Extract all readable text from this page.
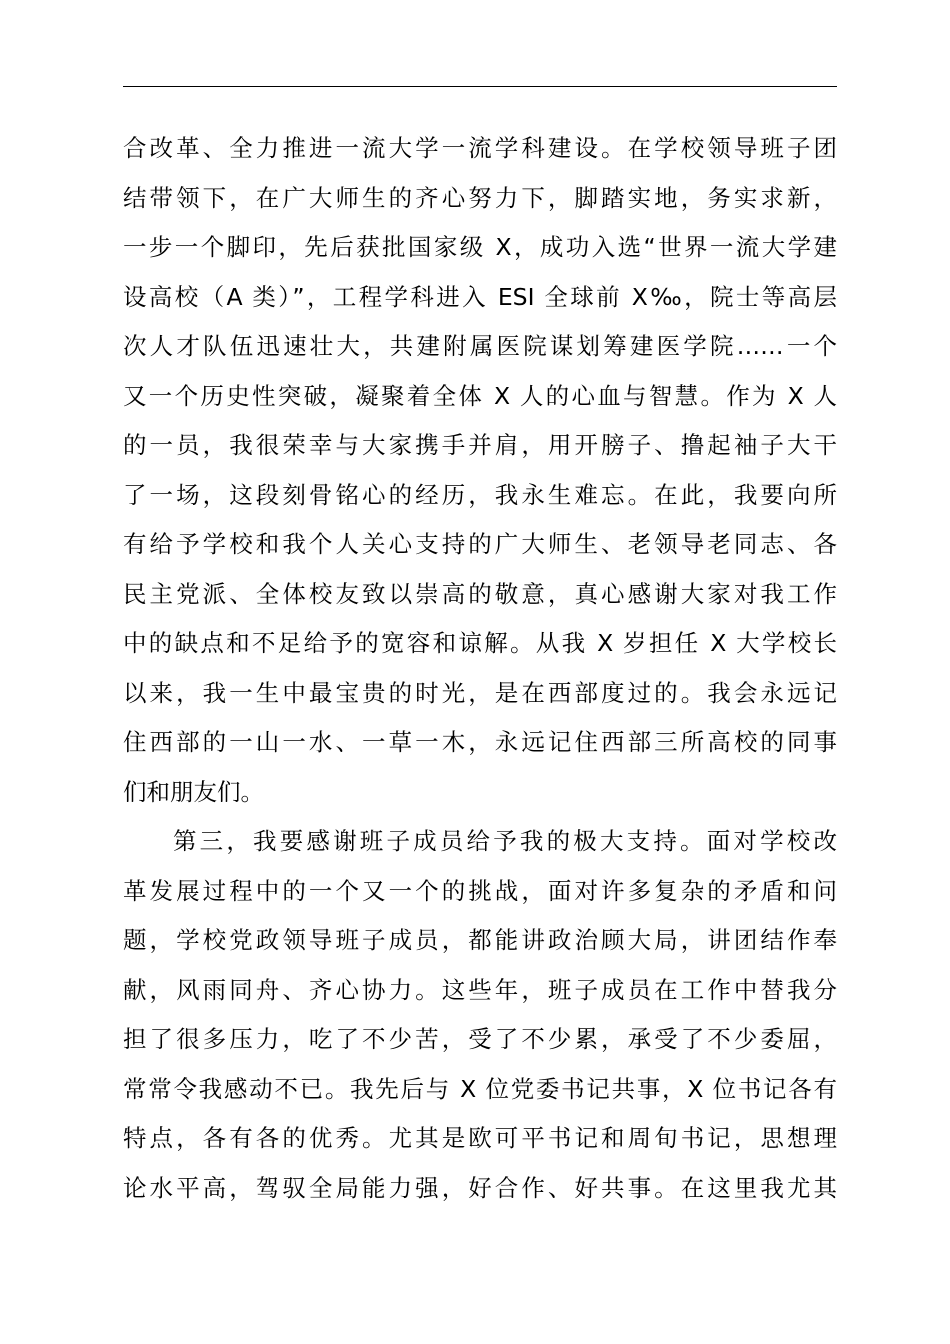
合改革、全力推进一流大学一流学科建设。在学校领导班子团
结带领下，在广大师生的齐心努力下，脚踏实地，务实求新，
一步一个脚印，先后获批国家级 X，成功入选“世界一流大学建
设高校（A 类）”，工程学科进入 ESI 全球前 X‰，院士等高层
次人才队伍迅速壮大，共建附属医院谋划筹建医学院……一个
又一个历史性突破，凝聚着全体 X 人的心血与智慧。作为 X 人
的一员，我很荣幸与大家携手并肩，用开膀子、撸起袖子大干
了一场，这段刻骨铭心的经历，我永生难忘。在此，我要向所
有给予学校和我个人关心支持的广大师生、老领导老同志、各
民主党派、全体校友致以崇高的敬意，真心感谢大家对我工作
中的缺点和不足给予的宽容和谅解。从我 X 岁担任 X 大学校长
以来，我一生中最宝贵的时光，是在西部度过的。我会永远记
住西部的一山一水、一草一木，永远记住西部三所高校的同事
们和朋友们。
第三，我要感谢班子成员给予我的极大支持。面对学校改
革发展过程中的一个又一个的挑战，面对许多复杂的矛盾和问
题，学校党政领导班子成员，都能讲政治顾大局，讲团结作奉
献，风雨同舟、齐心协力。这些年，班子成员在工作中替我分
担了很多压力，吃了不少苦，受了不少累，承受了不少委屈，
常常令我感动不已。我先后与 X 位党委书记共事，X 位书记各有
特点，各有各的优秀。尤其是欧可平书记和周旬书记，思想理
论水平高，驾驭全局能力强，好合作、好共事。在这里我尤其
